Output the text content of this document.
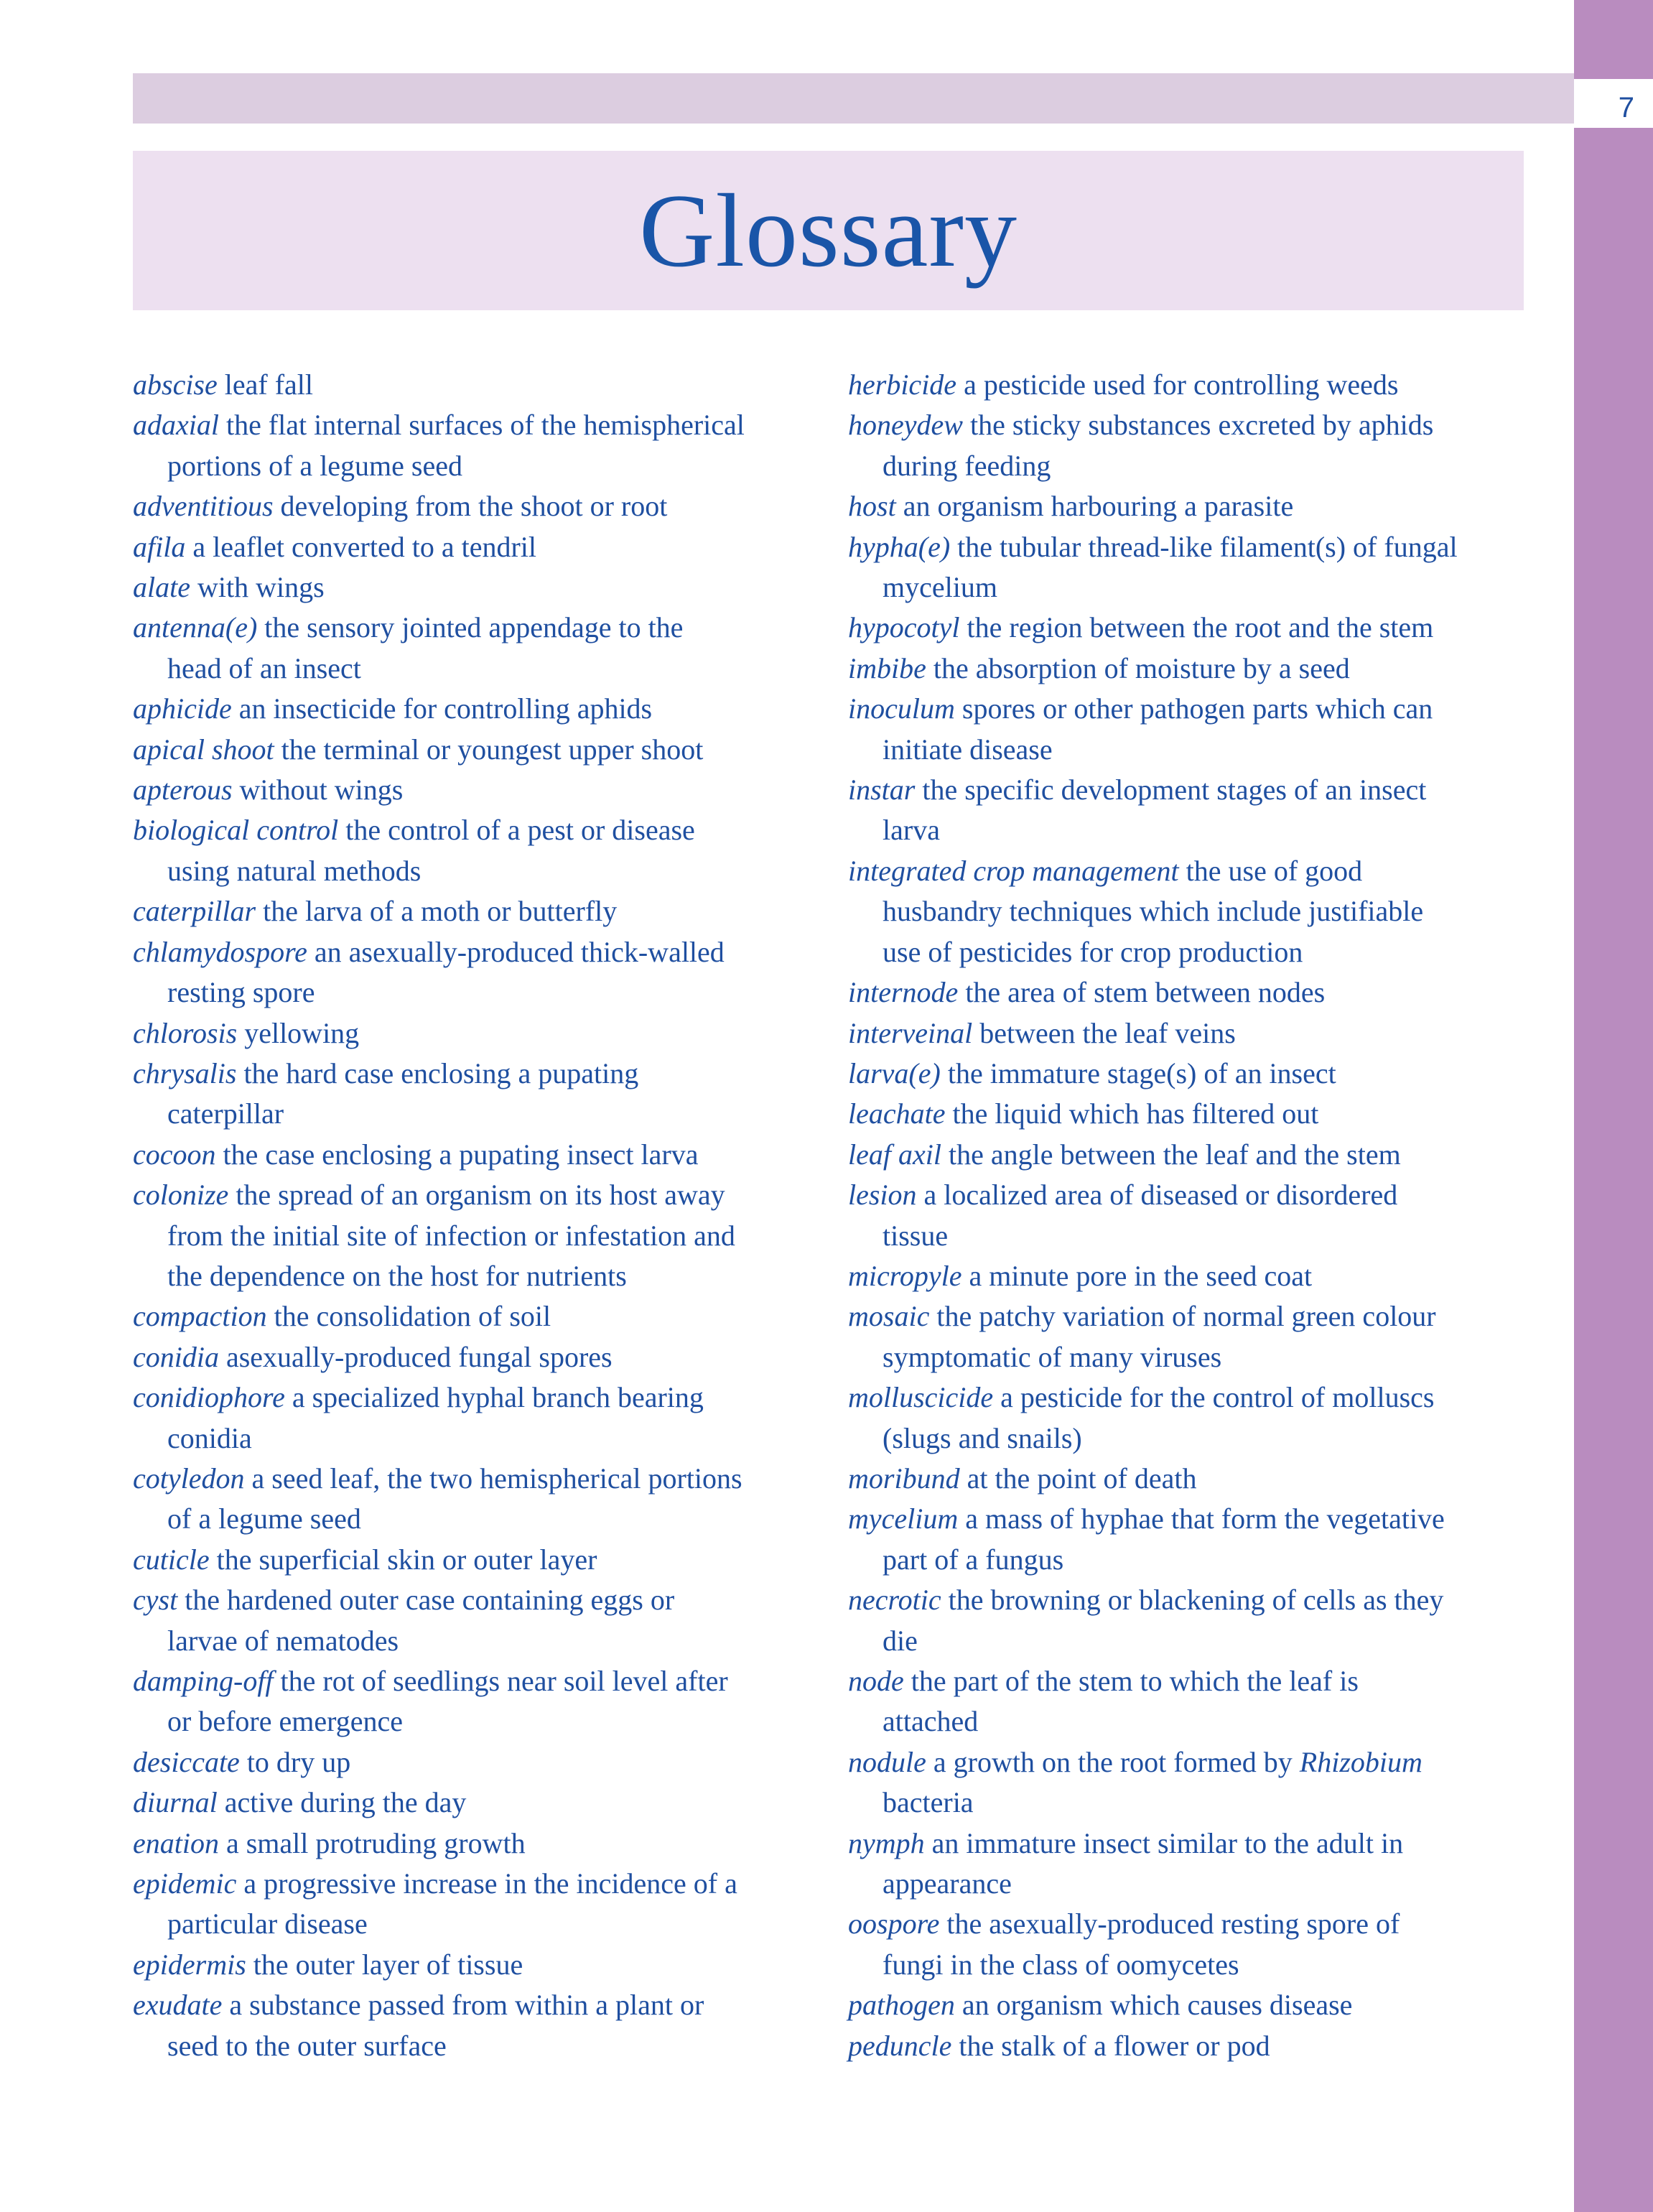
7
Glossary
abscise leaf fall
adaxial the flat internal surfaces of the hemispherical
portions of a legume seed
adventitious developing from the shoot or root
afila a leaflet converted to a tendril
alate with wings
antenna(e) the sensory jointed appendage to the
head of an insect
aphicide an insecticide for controlling aphids
apical shoot the terminal or youngest upper shoot
apterous without wings
biological control the control of a pest or disease
using natural methods
caterpillar the larva of a moth or butterfly
chlamydospore an asexually-produced thick-walled
resting spore
chlorosis yellowing
chrysalis the hard case enclosing a pupating
caterpillar
cocoon the case enclosing a pupating insect larva
colonize the spread of an organism on its host away
from the initial site of infection or infestation and
the dependence on the host for nutrients
compaction the consolidation of soil
conidia asexually-produced fungal spores
conidiophore a specialized hyphal branch bearing
conidia
cotyledon a seed leaf, the two hemispherical portions
of a legume seed
cuticle the superficial skin or outer layer
cyst the hardened outer case containing eggs or
larvae of nematodes
damping-off the rot of seedlings near soil level after
or before emergence
desiccate to dry up
diurnal active during the day
enation a small protruding growth
epidemic a progressive increase in the incidence of a
particular disease
epidermis the outer layer of tissue
exudate a substance passed from within a plant or
seed to the outer surface
herbicide a pesticide used for controlling weeds
honeydew the sticky substances excreted by aphids
during feeding
host an organism harbouring a parasite
hypha(e) the tubular thread-like filament(s) of fungal
mycelium
hypocotyl the region between the root and the stem
imbibe the absorption of moisture by a seed
inoculum spores or other pathogen parts which can
initiate disease
instar the specific development stages of an insect
larva
integrated crop management the use of good
husbandry techniques which include justifiable
use of pesticides for crop production
internode the area of stem between nodes
interveinal between the leaf veins
larva(e) the immature stage(s) of an insect
leachate the liquid which has filtered out
leaf axil the angle between the leaf and the stem
lesion a localized area of diseased or disordered
tissue
micropyle a minute pore in the seed coat
mosaic the patchy variation of normal green colour
symptomatic of many viruses
molluscicide a pesticide for the control of molluscs
(slugs and snails)
moribund at the point of death
mycelium a mass of hyphae that form the vegetative
part of a fungus
necrotic the browning or blackening of cells as they
die
node the part of the stem to which the leaf is
attached
nodule a growth on the root formed by Rhizobium
bacteria
nymph an immature insect similar to the adult in
appearance
oospore the asexually-produced resting spore of
fungi in the class of oomycetes
pathogen an organism which causes disease
peduncle the stalk of a flower or pod
